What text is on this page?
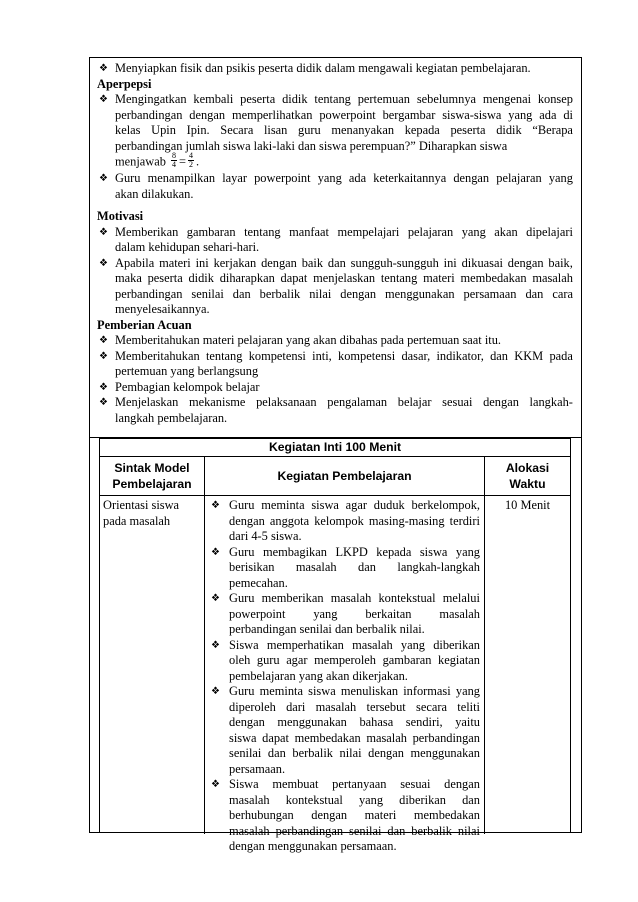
❖ Menyiapkan fisik dan psikis peserta didik dalam mengawali kegiatan pembelajaran.
Aperpepsi
❖ Mengingatkan kembali peserta didik tentang pertemuan sebelumnya mengenai konsep
perbandingan dengan memperlihatkan powerpoint bergambar siswa-siswa yang ada di
kelas Upin Ipin. Secara lisan guru menanyakan kepada peserta didik “Berapa
perbandingan jumlah siswa laki-laki dan siswa perempuan?” Diharapkan siswa
menjawab $\frac{8}{4} = \frac{4}{2}$ .
❖ Guru menampilkan layar powerpoint yang ada keterkaitannya dengan pelajaran yang
akan dilakukan.
Motivasi
❖ Memberikan gambaran tentang manfaat mempelajari pelajaran yang akan dipelajari
dalam kehidupan sehari-hari.
❖ Apabila materi ini kerjakan dengan baik dan sungguh-sungguh ini dikuasai dengan baik,
maka peserta didik diharapkan dapat menjelaskan tentang materi membedakan masalah
perbandingan senilai dan berbalik nilai dengan menggunakan persamaan dan cara
menyelesaikannya.
Pemberian Acuan
❖ Memberitahukan materi pelajaran yang akan dibahas pada pertemuan saat itu.
❖ Memberitahukan tentang kompetensi inti, kompetensi dasar, indikator, dan KKM pada
pertemuan yang berlangsung
❖ Pembagian kelompok belajar
❖ Menjelaskan mekanisme pelaksanaan pengalaman belajar sesuai dengan langkah-
langkah pembelajaran.
Kegiatan Inti 100 Menit
Sintak Model
Pembelajaran
Kegiatan Pembelajaran
Alokasi
Waktu
Orientasi siswa
pada masalah
❖ Guru meminta siswa agar duduk berkelompok,
dengan anggota kelompok masing-masing terdiri
dari 4-5 siswa.
❖ Guru membagikan LKPD kepada siswa yang
berisikan masalah dan langkah-langkah
pemecahan.
❖ Guru memberikan masalah kontekstual melalui
powerpoint yang berkaitan masalah
perbandingan senilai dan berbalik nilai.
❖ Siswa memperhatikan masalah yang diberikan
oleh guru agar memperoleh gambaran kegiatan
pembelajaran yang akan dikerjakan.
❖ Guru meminta siswa menuliskan informasi yang
diperoleh dari masalah tersebut secara teliti
dengan menggunakan bahasa sendiri, yaitu
siswa dapat membedakan masalah perbandingan
senilai dan berbalik nilai dengan menggunakan
persamaan.
❖ Siswa membuat pertanyaan sesuai dengan
masalah kontekstual yang diberikan dan
berhubungan dengan materi membedakan
masalah perbandingan senilai dan berbalik nilai
dengan menggunakan persamaan.
10 Menit
